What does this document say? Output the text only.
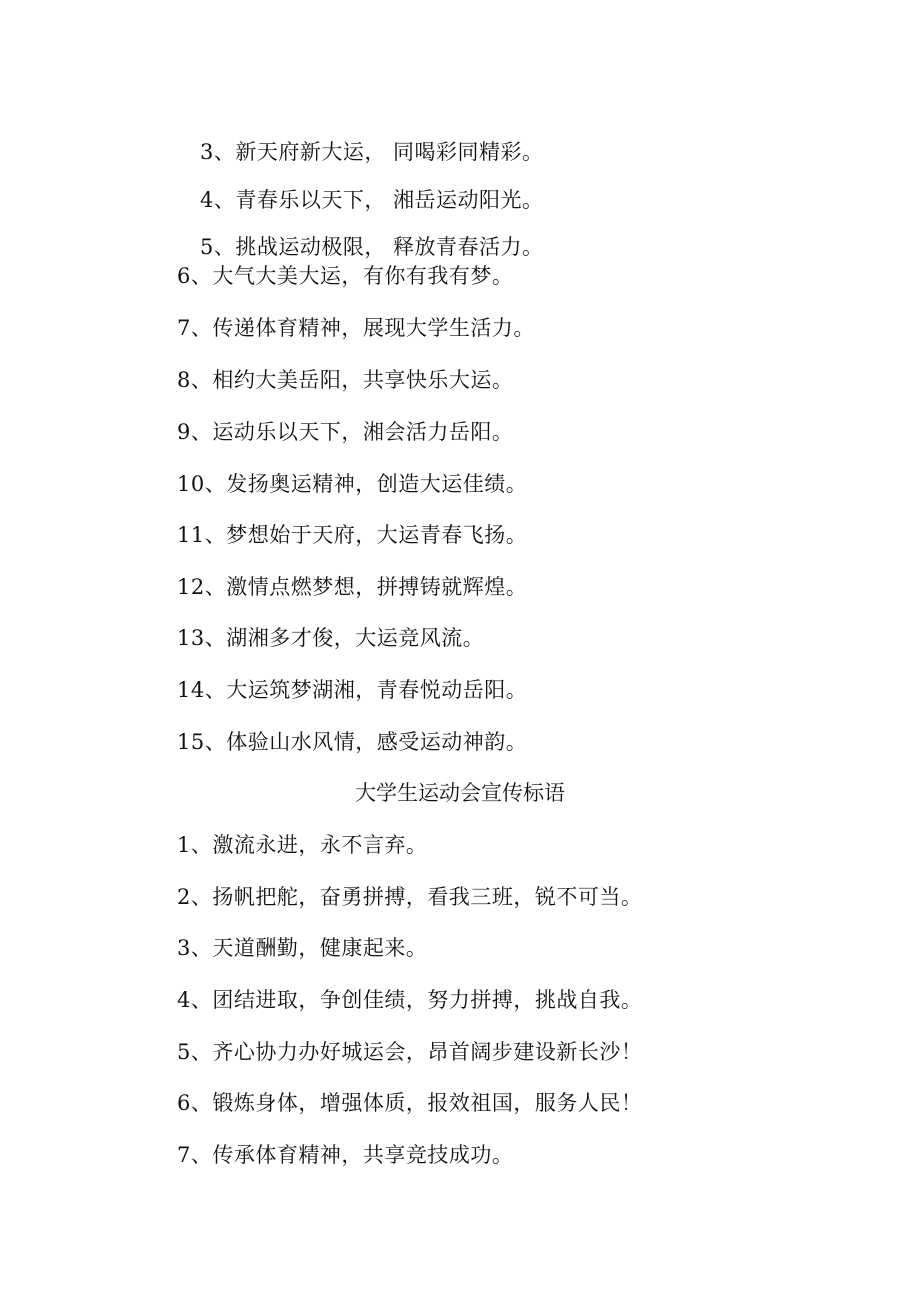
3、新天府新大运， 同喝彩同精彩。

4、青春乐以天下， 湘岳运动阳光。

5、挑战运动极限， 释放青春活力。

6、大气大美大运，有你有我有梦。

7、传递体育精神，展现大学生活力。

8、相约大美岳阳，共享快乐大运。

9、运动乐以天下，湘会活力岳阳。

10、发扬奥运精神，创造大运佳绩。

11、梦想始于天府，大运青春飞扬。

12、激情点燃梦想，拼搏铸就辉煌。

13、湖湘多才俊，大运竞风流。

14、大运筑梦湖湘，青春悦动岳阳。

15、体验山水风情，感受运动神韵。

大学生运动会宣传标语

1、激流永进，永不言弃。

2、扬帆把舵，奋勇拼搏，看我三班，锐不可当。

3、天道酬勤，健康起来。

4、团结进取，争创佳绩，努力拼搏，挑战自我。

5、齐心协力办好城运会，昂首阔步建设新长沙！

6、锻炼身体，增强体质，报效祖国，服务人民！

7、传承体育精神，共享竞技成功。
